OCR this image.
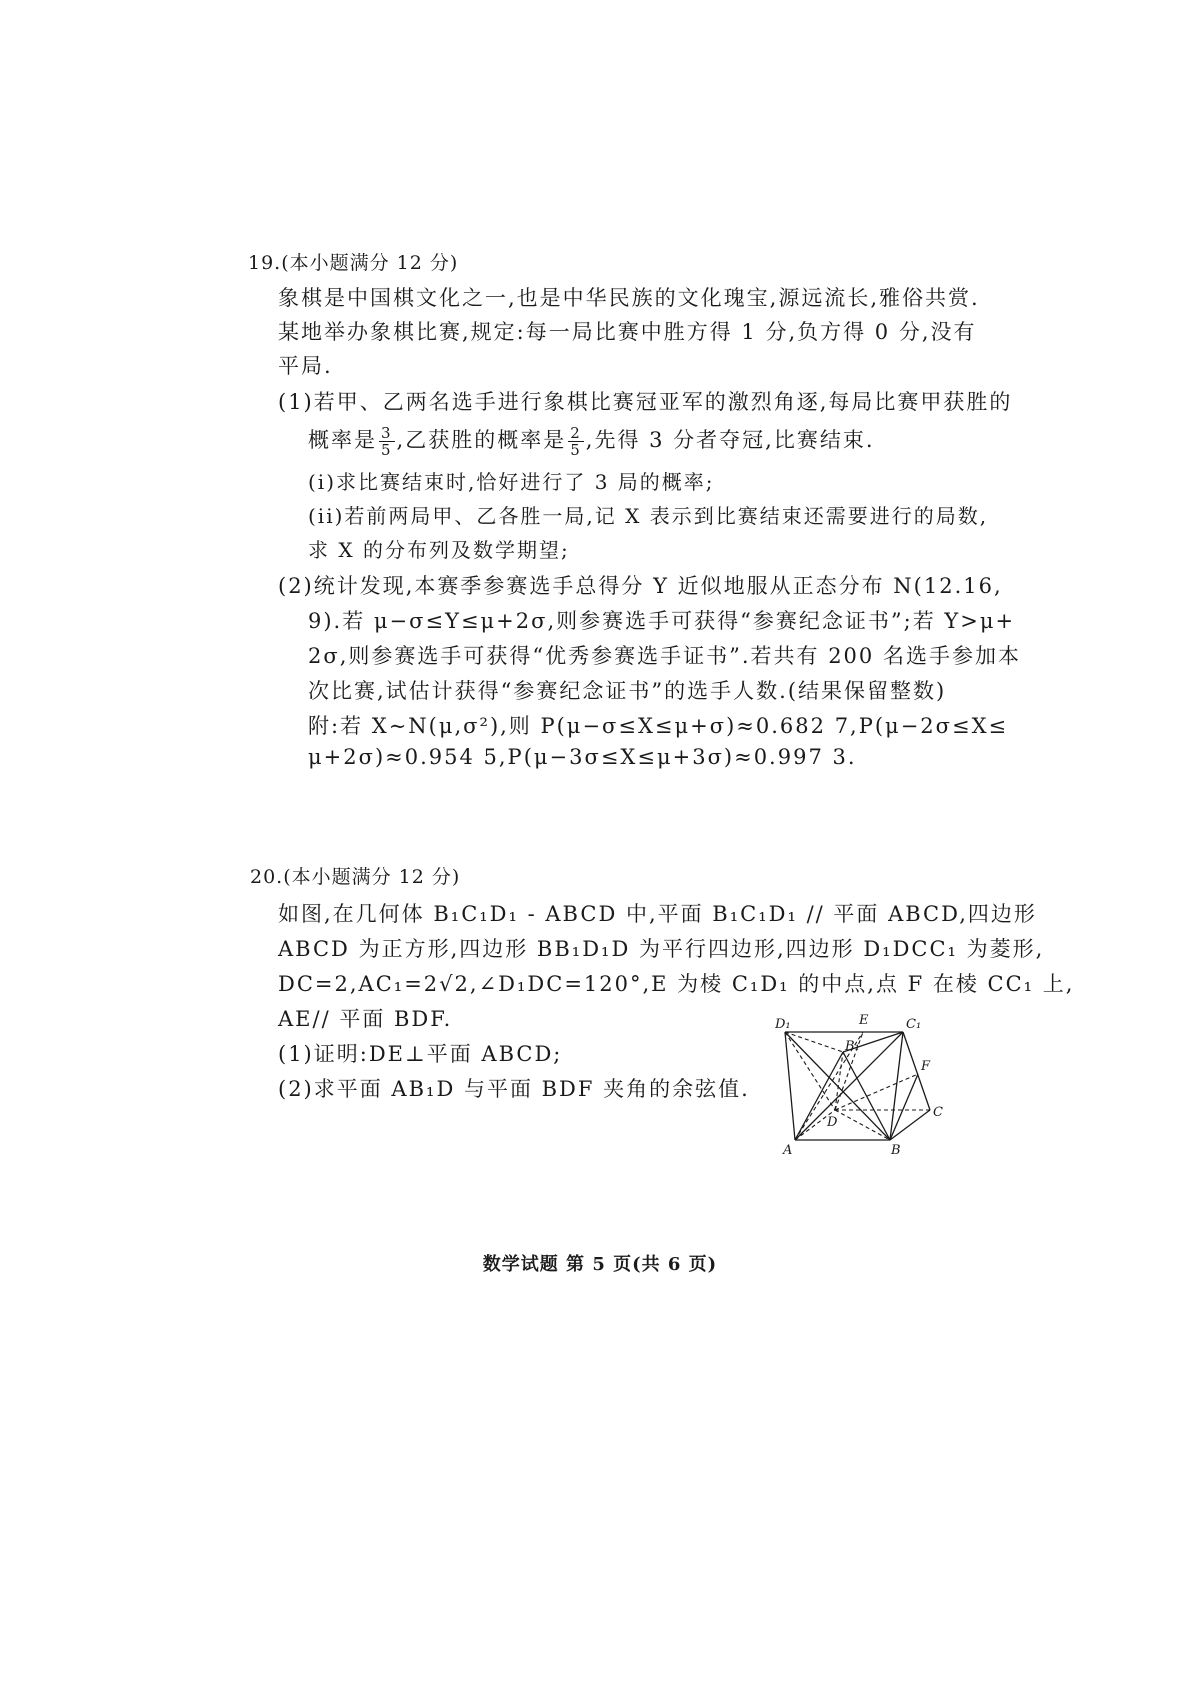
19.(本小题满分 12 分)
象棋是中国棋文化之一,也是中华民族的文化瑰宝,源远流长,雅俗共赏.
某地举办象棋比赛,规定:每一局比赛中胜方得 1 分,负方得 0 分,没有
平局.
(1)若甲、乙两名选手进行象棋比赛冠亚军的激烈角逐,每局比赛甲获胜的
概率是 $\frac{3}{5}$ ,乙获胜的概率是 $\frac{2}{5}$ ,先得 3 分者夺冠,比赛结束.
(i)求比赛结束时,恰好进行了 3 局的概率;
(ii)若前两局甲、乙各胜一局,记 X 表示到比赛结束还需要进行的局数,
求 X 的分布列及数学期望;
(2)统计发现,本赛季参赛选手总得分 Y 近似地服从正态分布 N(12.16,
9).若 μ−σ≤Y≤μ+2σ,则参赛选手可获得“参赛纪念证书”;若 Y>μ+
2σ,则参赛选手可获得“优秀参赛选手证书”.若共有 200 名选手参加本
次比赛,试估计获得“参赛纪念证书”的选手人数.(结果保留整数)
附:若 X∼N(μ,σ²),则 P(μ−σ≤X≤μ+σ)≈0.682 7,P(μ−2σ≤X≤
μ+2σ)≈0.954 5,P(μ−3σ≤X≤μ+3σ)≈0.997 3.
20.(本小题满分 12 分)
如图,在几何体 B₁C₁D₁ - ABCD 中,平面 B₁C₁D₁ // 平面 ABCD,四边形
ABCD 为正方形,四边形 BB₁D₁D 为平行四边形,四边形 D₁DCC₁ 为菱形,
DC=2,AC₁=2√2,∠D₁DC=120°,E 为棱 C₁D₁ 的中点,点 F 在棱 CC₁ 上,
AE// 平面 BDF.
(1)证明:DE⊥平面 ABCD;
(2)求平面 AB₁D 与平面 BDF 夹角的余弦值.
D₁	E	C₁
B₁
F
D
C
A	B
数学试题 第 5 页(共 6 页)
